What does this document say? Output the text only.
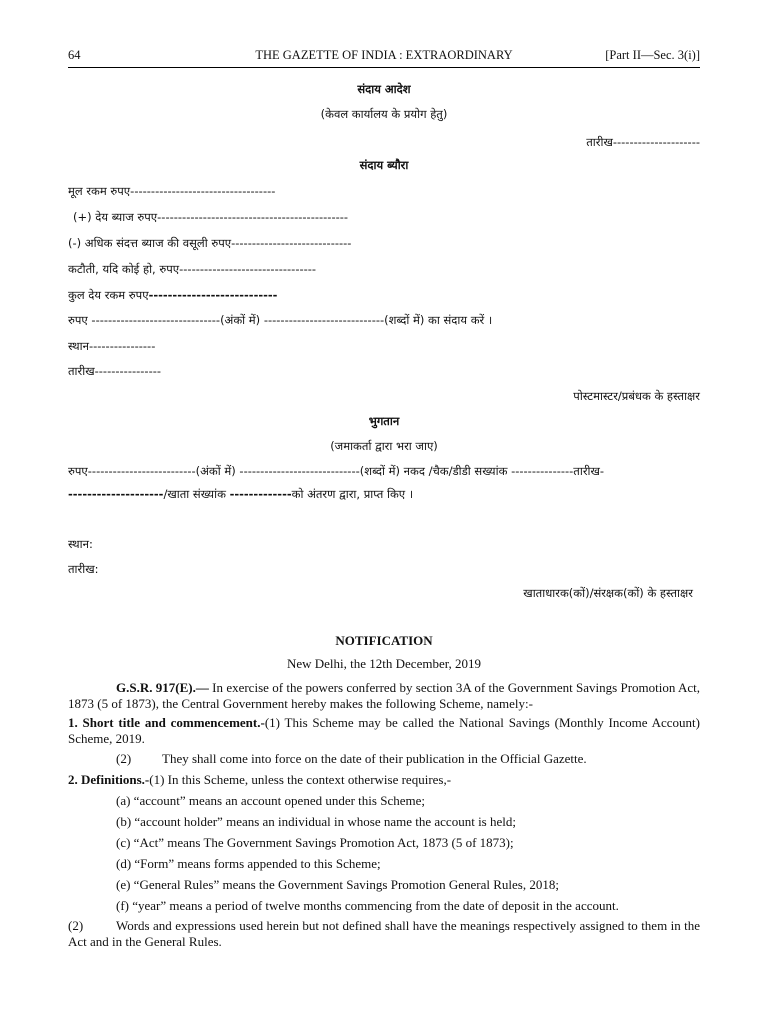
64	THE GAZETTE OF INDIA : EXTRAORDINARY	[Part II—Sec. 3(i)]
संदाय आदेश
(केवल कार्यालय के प्रयोग हेतु)
तारीख---------------------
संदाय ब्यौरा
मूल रकम रुपए-----------------------------------
(+) देय ब्याज रुपए----------------------------------------------
(-) अधिक संदत्त ब्याज की वसूली रुपए-----------------------------
कटौती, यदि कोई हो, रुपए---------------------------------
कुल देय रकम रुपए---------------------------
रुपए -------------------------------(अंकों में) -----------------------------(शब्दों में) का संदाय करें ।
स्थान----------------
तारीख----------------
पोस्टमास्टर/प्रबंधक के हस्ताक्षर
भुगतान
(जमाकर्ता द्वारा भरा जाए)
रुपए--------------------------(अंकों में) -----------------------------(शब्दों में) नकद /चैक/डीडी सख्यांक ---------------तारीख-
--------------------/खाता संख्यांक -------------को अंतरण द्वारा, प्राप्त किए ।
स्थान:
तारीख:
खाताधारक(कों)/संरक्षक(कों) के हस्ताक्षर
NOTIFICATION
New Delhi, the 12th December, 2019
G.S.R. 917(E).— In exercise of the powers conferred by section 3A of the Government Savings Promotion Act, 1873 (5 of 1873), the Central Government hereby makes the following Scheme, namely:-
1. Short title and commencement.-(1) This Scheme may be called the National Savings (Monthly Income Account) Scheme, 2019.
(2) They shall come into force on the date of their publication in the Official Gazette.
2. Definitions.-(1) In this Scheme, unless the context otherwise requires,-
(a) “account” means an account opened under this Scheme;
(b) “account holder” means an individual in whose name the account is held;
(c) “Act” means The Government Savings Promotion Act, 1873 (5 of 1873);
(d) “Form” means forms appended to this Scheme;
(e) “General Rules” means the Government Savings Promotion General Rules, 2018;
(f) “year” means a period of twelve months commencing from the date of deposit in the account.
(2)	Words and expressions used herein but not defined shall have the meanings respectively assigned to them in the Act and in the General Rules.
